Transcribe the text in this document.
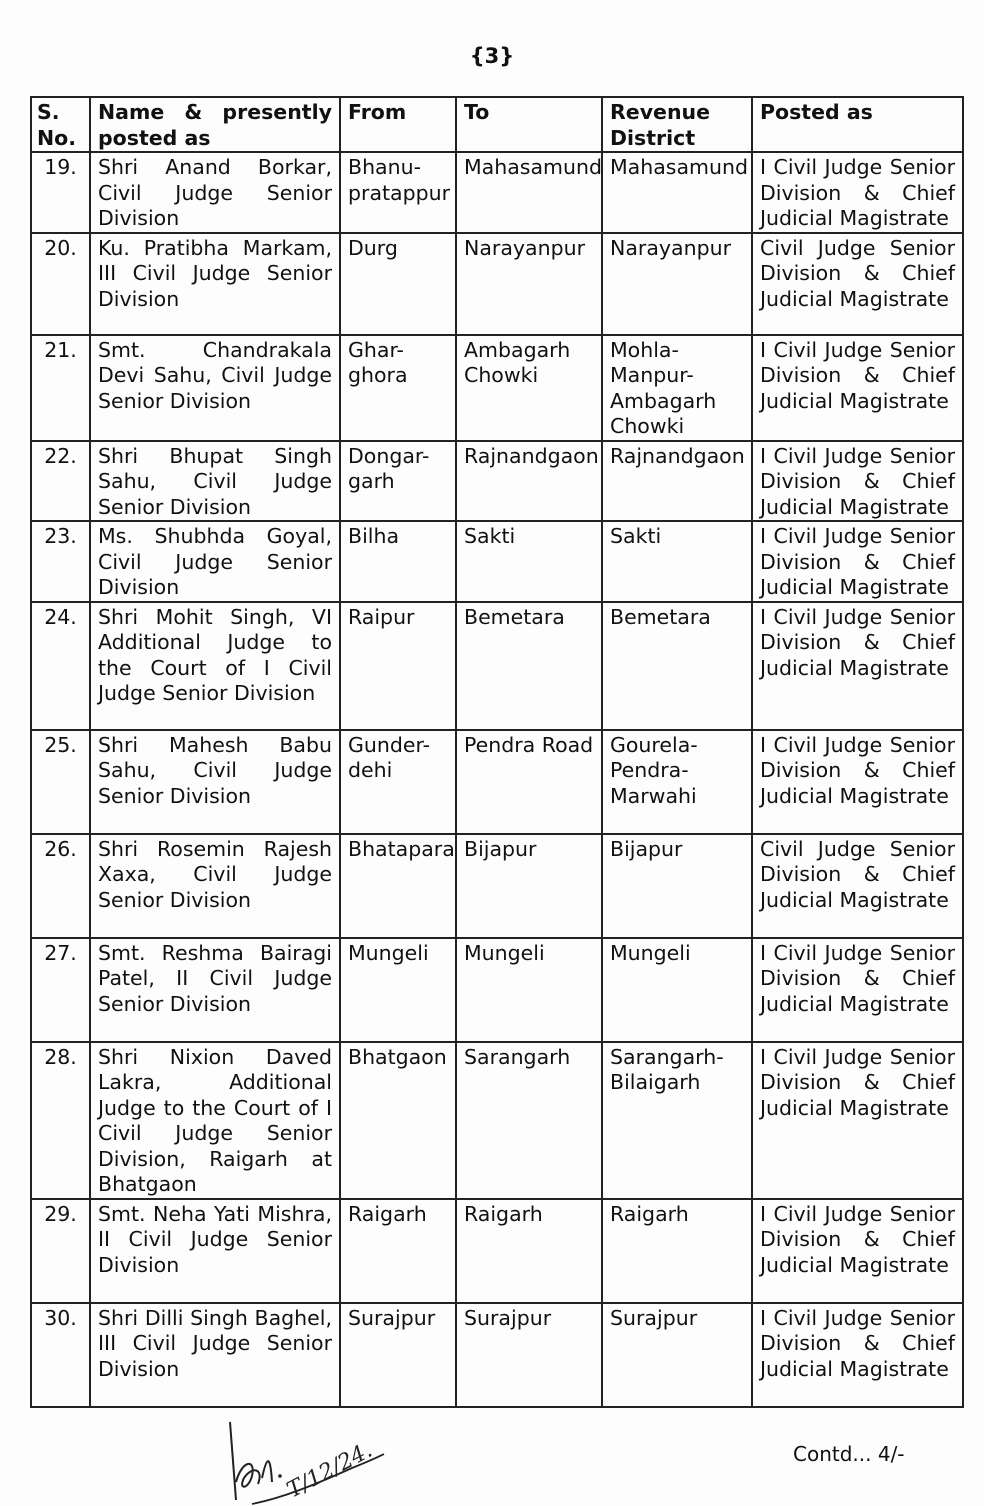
{3}
S. No.	Name & presently posted as	From	To	Revenue District	Posted as
19.	Shri Anand Borkar, Civil Judge Senior Division	Bhanu-pratappur	Mahasamund	Mahasamund	I Civil Judge Senior Division & Chief Judicial Magistrate
20.	Ku. Pratibha Markam, III Civil Judge Senior Division	Durg	Narayanpur	Narayanpur	Civil Judge Senior Division & Chief Judicial Magistrate
21.	Smt. Chandrakala Devi Sahu, Civil Judge Senior Division	Ghar-ghora	Ambagarh Chowki	Mohla-Manpur-Ambagarh Chowki	I Civil Judge Senior Division & Chief Judicial Magistrate
22.	Shri Bhupat Singh Sahu, Civil Judge Senior Division	Dongar-garh	Rajnandgaon	Rajnandgaon	I Civil Judge Senior Division & Chief Judicial Magistrate
23.	Ms. Shubhda Goyal, Civil Judge Senior Division	Bilha	Sakti	Sakti	I Civil Judge Senior Division & Chief Judicial Magistrate
24.	Shri Mohit Singh, VI Additional Judge to the Court of I Civil Judge Senior Division	Raipur	Bemetara	Bemetara	I Civil Judge Senior Division & Chief Judicial Magistrate
25.	Shri Mahesh Babu Sahu, Civil Judge Senior Division	Gunder-dehi	Pendra Road	Gourela-Pendra-Marwahi	I Civil Judge Senior Division & Chief Judicial Magistrate
26.	Shri Rosemin Rajesh Xaxa, Civil Judge Senior Division	Bhatapara	Bijapur	Bijapur	Civil Judge Senior Division & Chief Judicial Magistrate
27.	Smt. Reshma Bairagi Patel, II Civil Judge Senior Division	Mungeli	Mungeli	Mungeli	I Civil Judge Senior Division & Chief Judicial Magistrate
28.	Shri Nixion Daved Lakra, Additional Judge to the Court of I Civil Judge Senior Division, Raigarh at Bhatgaon	Bhatgaon	Sarangarh	Sarangarh-Bilaigarh	I Civil Judge Senior Division & Chief Judicial Magistrate
29.	Smt. Neha Yati Mishra, II Civil Judge Senior Division	Raigarh	Raigarh	Raigarh	I Civil Judge Senior Division & Chief Judicial Magistrate
30.	Shri Dilli Singh Baghel, III Civil Judge Senior Division	Surajpur	Surajpur	Surajpur	I Civil Judge Senior Division & Chief Judicial Magistrate
T/12/24.	Contd... 4/-
